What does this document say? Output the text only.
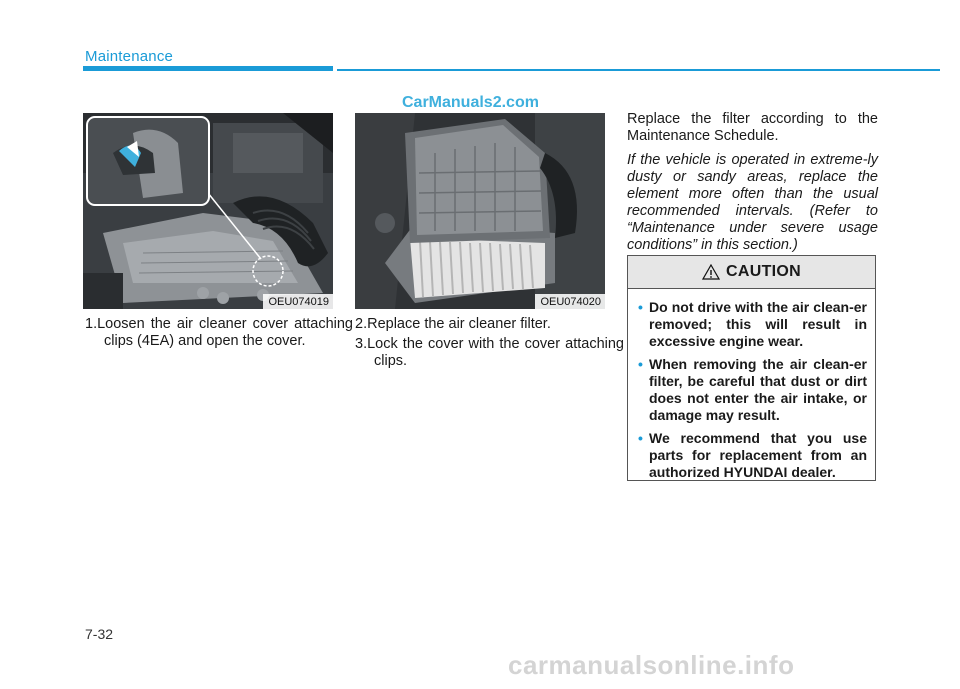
Maintenance
CarManuals2.com
OEU074019	OEU074020
1.Loosen the air cleaner cover attaching clips (4EA) and open the cover.
2.Replace the air cleaner filter.
3.Lock the cover with the cover attaching clips.
Replace the filter according to the Maintenance Schedule.
If the vehicle is operated in extreme-ly dusty or sandy areas, replace the element more often than the usual recommended intervals. (Refer to “Maintenance under severe usage conditions” in this section.)
CAUTION
• Do not drive with the air clean-er removed; this will result in excessive engine wear.
• When removing the air clean-er filter, be careful that dust or dirt does not enter the air intake, or damage may result.
• We recommend that you use parts for replacement from an authorized HYUNDAI dealer.
7-32
carmanualsonline.info
